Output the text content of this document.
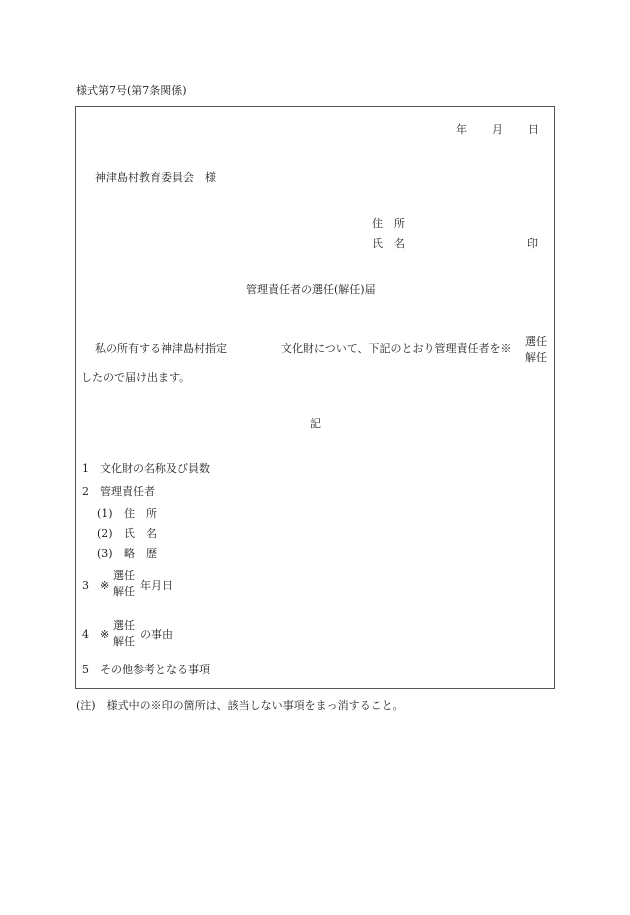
様式第7号(第7条関係)
年 月 日
神津島村教育委員会　様
住　所
氏　名	印
管理責任者の選任(解任)届
私の所有する神津島村指定	文化財について、下記のとおり管理責任者を※
選任
解任
したので届け出ます。
記
1 文化財の名称及び員数
2 管理責任者
(1) 住　所
(2) 氏　名
(3) 略　歴
3 ※
選任
解任 年月日
4 ※
選任
解任
の事由
5 その他参考となる事項
(注)　様式中の※印の箇所は、該当しない事項をまっ消すること。
